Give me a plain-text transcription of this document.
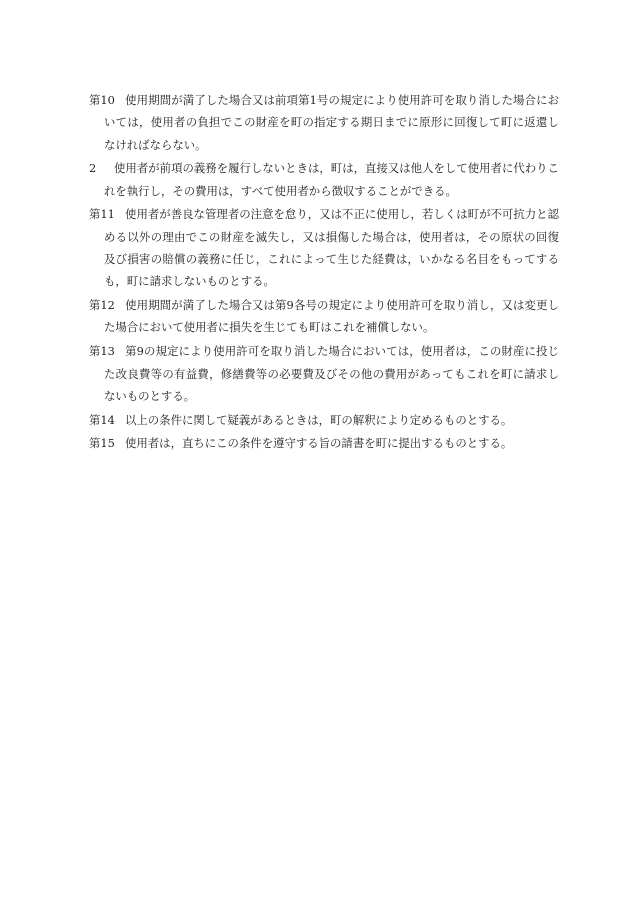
第10 使用期間が満了した場合又は前項第1号の規定により使用許可を取り消した場合においては，使用者の負担でこの財産を町の指定する期日までに原形に回復して町に返還しなければならない。

2 使用者が前項の義務を履行しないときは，町は，直接又は他人をして使用者に代わりこれを執行し，その費用は，すべて使用者から徴収することができる。

第11 使用者が善良な管理者の注意を怠り，又は不正に使用し，若しくは町が不可抗力と認める以外の理由でこの財産を滅失し，又は損傷した場合は，使用者は，その原状の回復及び損害の賠償の義務に任じ，これによって生じた経費は，いかなる名目をもってするも，町に請求しないものとする。

第12 使用期間が満了した場合又は第9各号の規定により使用許可を取り消し，又は変更した場合において使用者に損失を生じても町はこれを補償しない。

第13 第9の規定により使用許可を取り消した場合においては，使用者は，この財産に投じた改良費等の有益費，修繕費等の必要費及びその他の費用があってもこれを町に請求しないものとする。

第14 以上の条件に関して疑義があるときは，町の解釈により定めるものとする。

第15 使用者は，直ちにこの条件を遵守する旨の請書を町に提出するものとする。
